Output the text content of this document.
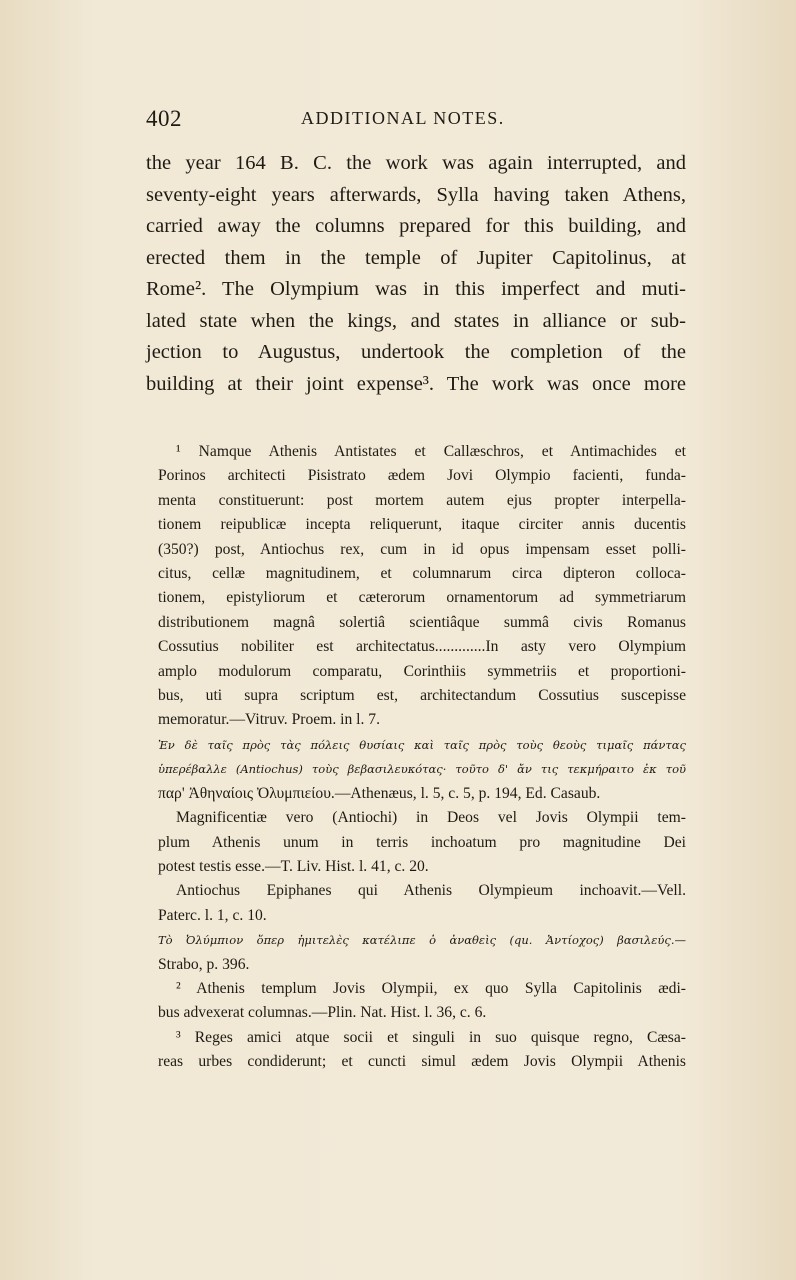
402	ADDITIONAL NOTES.
the year 164 B. C. the work was again interrupted, and
seventy-eight years afterwards, Sylla having taken Athens,
carried away the columns prepared for this building, and
erected them in the temple of Jupiter Capitolinus, at
Rome². The Olympium was in this imperfect and muti-
lated state when the kings, and states in alliance or sub-
jection to Augustus, undertook the completion of the
building at their joint expense³. The work was once more
¹ Namque Athenis Antistates et Callæschros, et Antimachides et
Porinos architecti Pisistrato ædem Jovi Olympio facienti, funda-
menta constituerunt: post mortem autem ejus propter interpella-
tionem reipublicæ incepta reliquerunt, itaque circiter annis ducentis
(350?) post, Antiochus rex, cum in id opus impensam esset polli-
citus, cellæ magnitudinem, et columnarum circa dipteron colloca-
tionem, epistyliorum et cæterorum ornamentorum ad symmetriarum
distributionem magnâ solertiâ scientiâque summâ civis Romanus
Cossutius nobiliter est architectatus.............In asty vero Olympium
amplo modulorum comparatu, Corinthiis symmetriis et proportioni-
bus, uti supra scriptum est, architectandum Cossutius suscepisse
memoratur.—Vitruv. Proem. in l. 7.
Ἐν δὲ ταῖς πρὸς τὰς πόλεις θυσίαις καὶ ταῖς πρὸς τοὺς θεοὺς τιμαῖς πάντας
ὑπερέβαλλε (Antiochus) τοὺς βεβασιλευκότας· τοῦτο δ' ἄν τις τεκμήραιτο ἐκ τοῦ
παρ' Ἀθηναίοις Ὀλυμπιείου.—Athenæus, l. 5, c. 5, p. 194, Ed. Casaub.
Magnificentiæ vero (Antiochi) in Deos vel Jovis Olympii tem-
plum Athenis unum in terris inchoatum pro magnitudine Dei
potest testis esse.—T. Liv. Hist. l. 41, c. 20.
Antiochus Epiphanes qui Athenis Olympieum inchoavit.—Vell.
Paterc. l. 1, c. 10.
Τὸ Ὀλύμπιον ὅπερ ἡμιτελὲς κατέλιπε ὁ ἀναθεὶς (qu. Ἀντίοχος) βασιλεύς.—
Strabo, p. 396.
² Athenis templum Jovis Olympii, ex quo Sylla Capitolinis ædi-
bus advexerat columnas.—Plin. Nat. Hist. l. 36, c. 6.
³ Reges amici atque socii et singuli in suo quisque regno, Cæsa-
reas urbes condiderunt; et cuncti simul ædem Jovis Olympii Athenis
